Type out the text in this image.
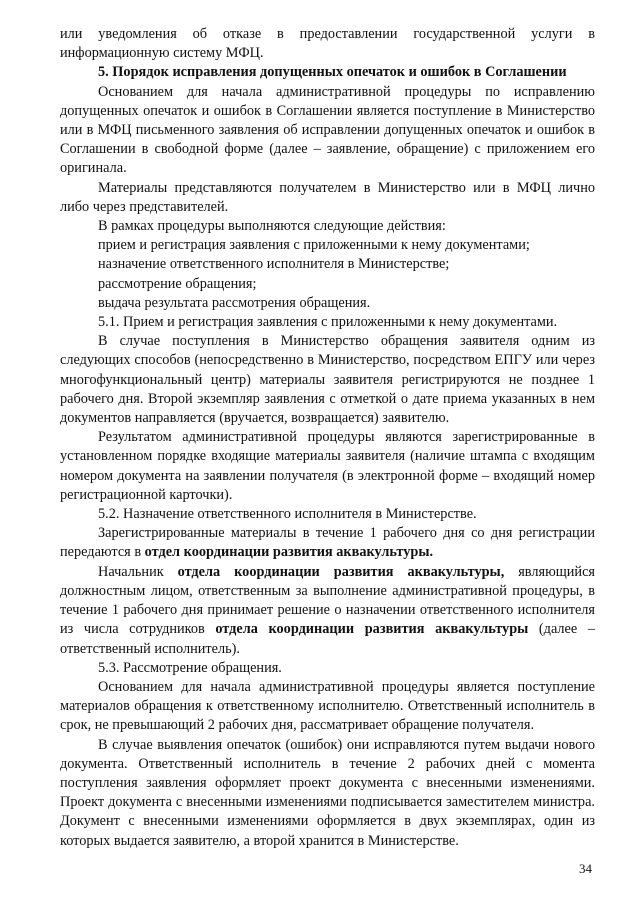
или уведомления об отказе в предоставлении государственной услуги в информационную систему МФЦ.

5. Порядок исправления допущенных опечаток и ошибок в Соглашении

Основанием для начала административной процедуры по исправлению допущенных опечаток и ошибок в Соглашении является поступление в Министерство или в МФЦ письменного заявления об исправлении допущенных опечаток и ошибок в Соглашении в свободной форме (далее – заявление, обращение) с приложением его оригинала.

Материалы представляются получателем в Министерство или в МФЦ лично либо через представителей.

В рамках процедуры выполняются следующие действия:

прием и регистрация заявления с приложенными к нему документами;

назначение ответственного исполнителя в Министерстве;

рассмотрение обращения;

выдача результата рассмотрения обращения.

5.1. Прием и регистрация заявления с приложенными к нему документами.

В случае поступления в Министерство обращения заявителя одним из следующих способов (непосредственно в Министерство, посредством ЕПГУ или через многофункциональный центр) материалы заявителя регистрируются не позднее 1 рабочего дня. Второй экземпляр заявления с отметкой о дате приема указанных в нем документов направляется (вручается, возвращается) заявителю.

Результатом административной процедуры являются зарегистрированные в установленном порядке входящие материалы заявителя (наличие штампа с входящим номером документа на заявлении получателя (в электронной форме – входящий номер регистрационной карточки).

5.2. Назначение ответственного исполнителя в Министерстве.

Зарегистрированные материалы в течение 1 рабочего дня со дня регистрации передаются в отдел координации развития аквакультуры.

Начальник отдела координации развития аквакультуры, являющийся должностным лицом, ответственным за выполнение административной процедуры, в течение 1 рабочего дня принимает решение о назначении ответственного исполнителя из числа сотрудников отдела координации развития аквакультуры (далее – ответственный исполнитель).

5.3. Рассмотрение обращения.

Основанием для начала административной процедуры является поступление материалов обращения к ответственному исполнителю. Ответственный исполнитель в срок, не превышающий 2 рабочих дня, рассматривает обращение получателя.

В случае выявления опечаток (ошибок) они исправляются путем выдачи нового документа. Ответственный исполнитель в течение 2 рабочих дней с момента поступления заявления оформляет проект документа с внесенными изменениями. Проект документа с внесенными изменениями подписывается заместителем министра. Документ с внесенными изменениями оформляется в двух экземплярах, один из которых выдается заявителю, а второй хранится в Министерстве.

34
